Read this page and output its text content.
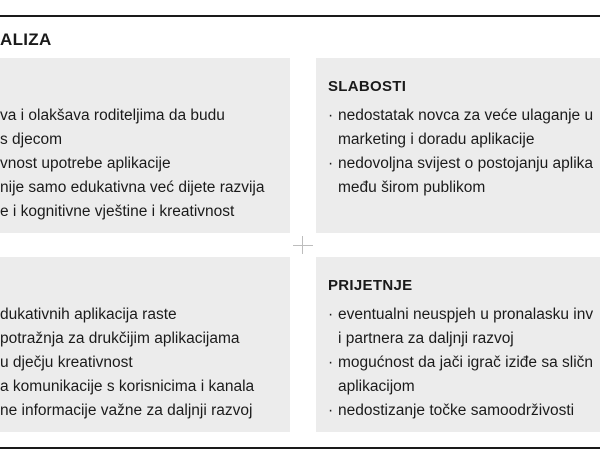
ALIZA
va i olakšava roditeljima da budu
s djecom
vnost upotrebe aplikacije
nije samo edukativna već dijete razvija
e i kognitivne vještine i kreativnost
SLABOSTI
· nedostatak novca za veće ulaganje u
marketing i doradu aplikacije
· nedovoljna svijest o postojanju aplika
među širom publikom
dukativnih aplikacija raste
potražnja za drukčijim aplikacijama
u dječju kreativnost
a komunikacije s korisnicima i kanala
ne informacije važne za daljnji razvoj
PRIJETNJE
· eventualni neuspjeh u pronalasku inv
i partnera za daljnji razvoj
· mogućnost da jači igrač iziđe sa sličn
aplikacijom
· nedostizanje točke samoodrživosti
